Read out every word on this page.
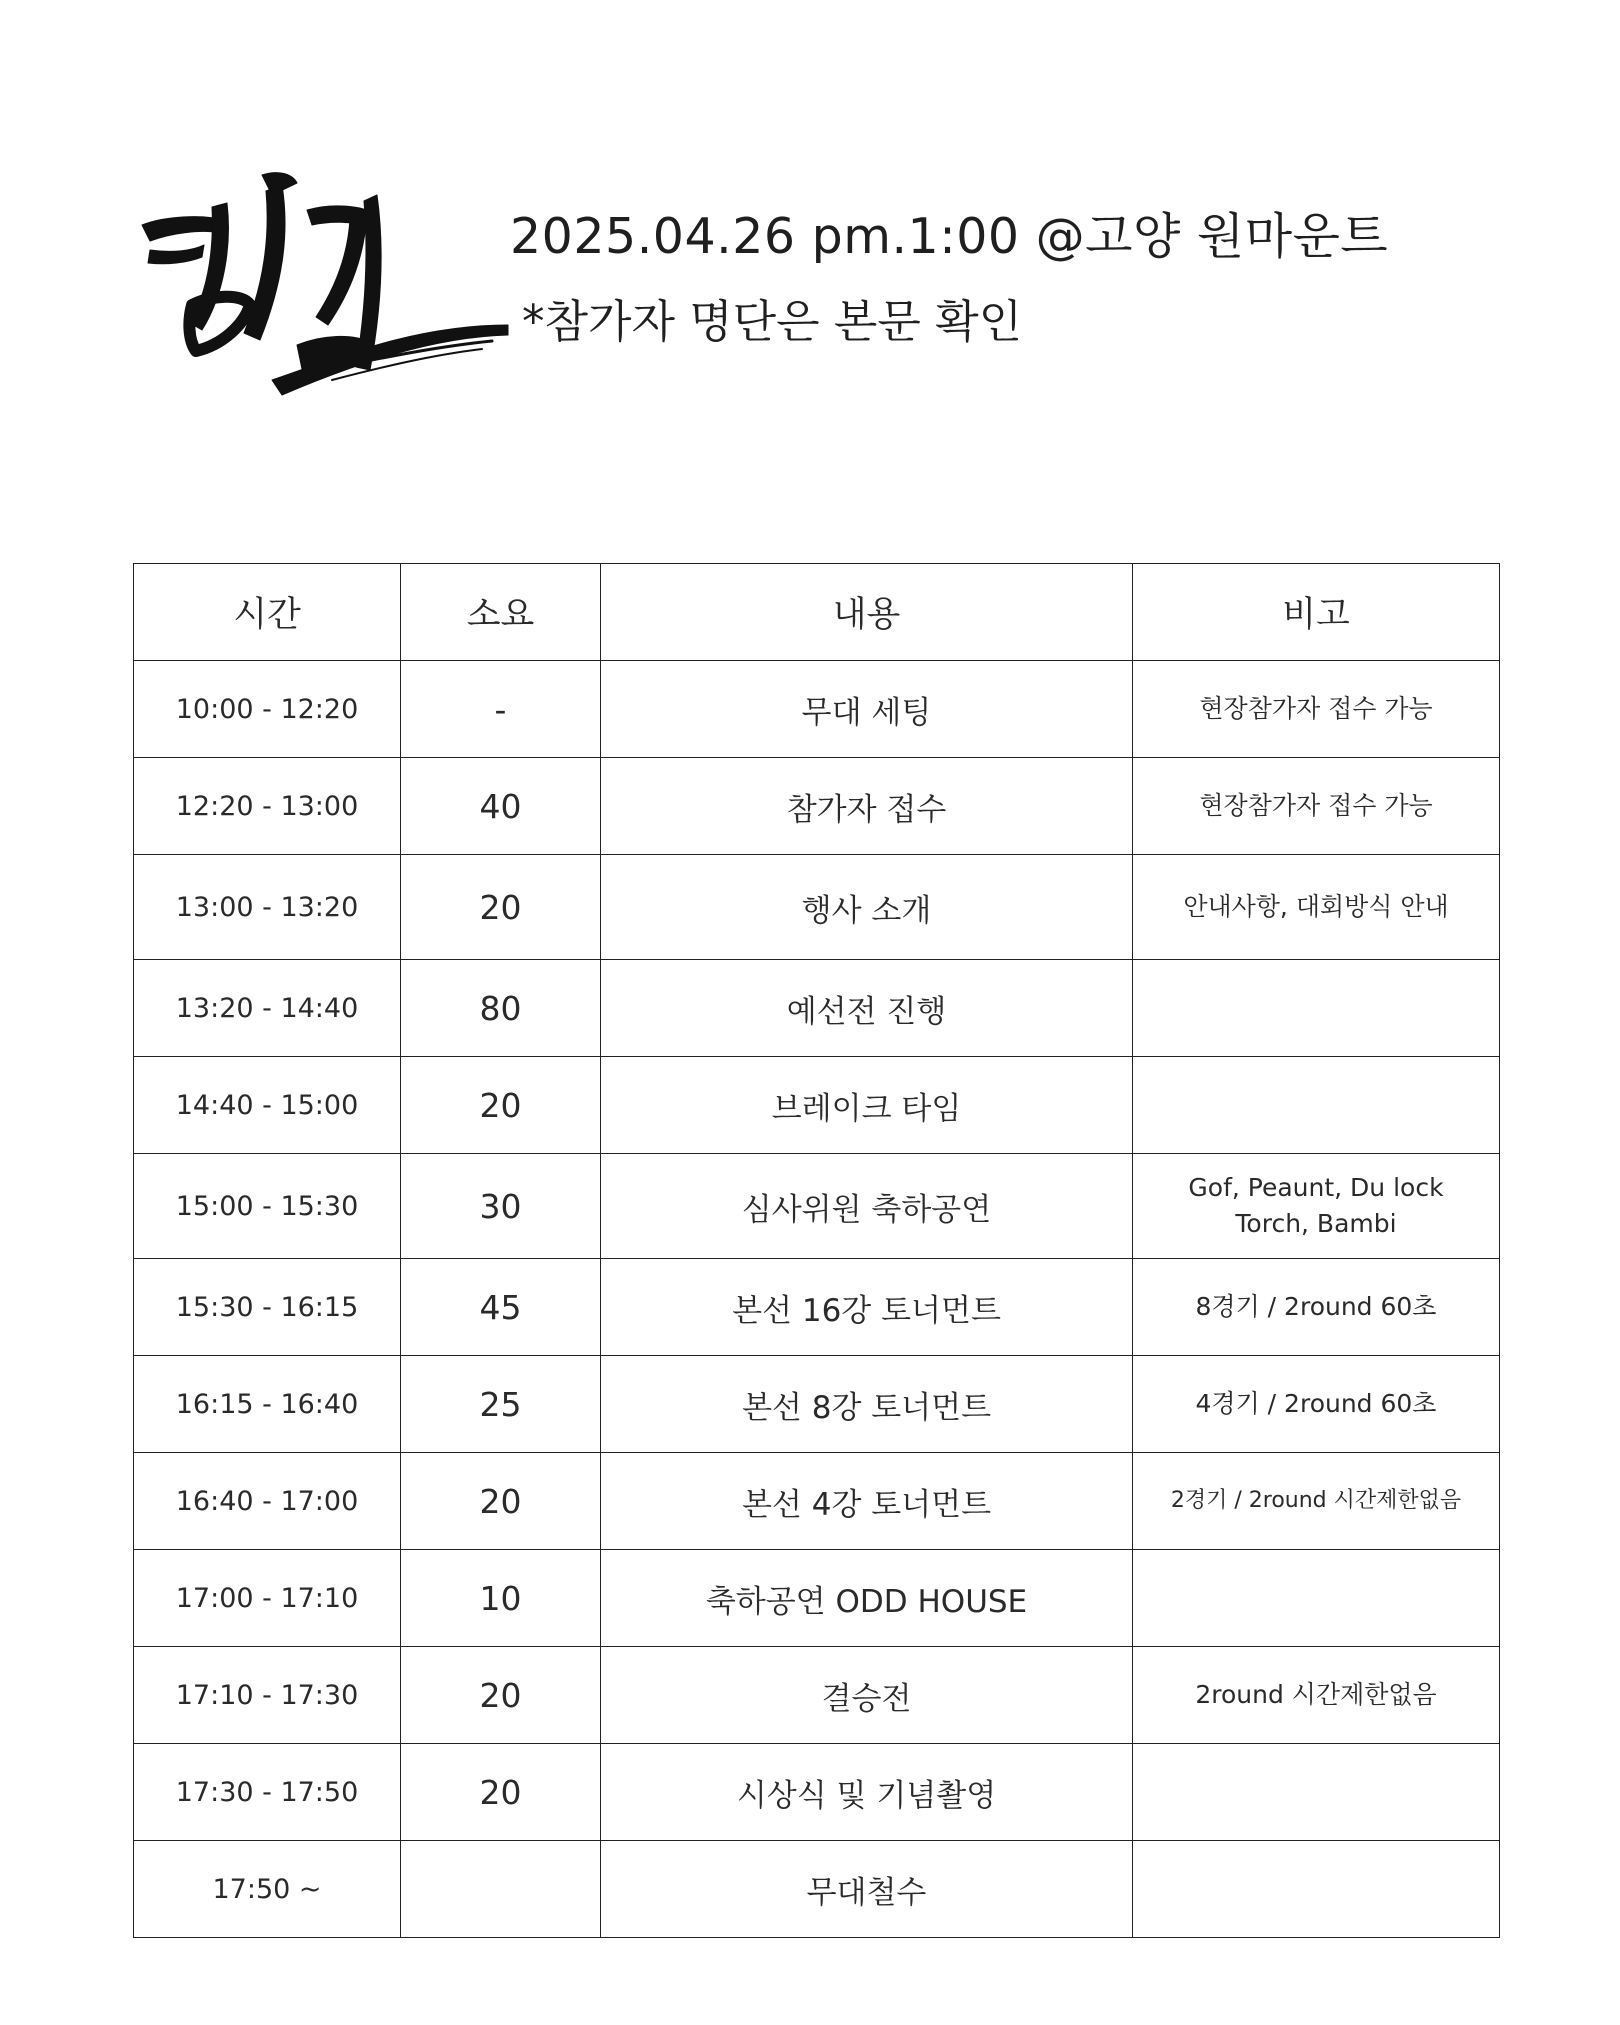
2025.04.26 pm.1:00 @고양 원마운트
*참가자 명단은 본문 확인
시간	소요	내용	비고
10:00 - 12:20	-	무대 세팅	현장참가자 접수 가능
12:20 - 13:00	40	참가자 접수	현장참가자 접수 가능
13:00 - 13:20	20	행사 소개	안내사항, 대회방식 안내
13:20 - 14:40	80	예선전 진행	
14:40 - 15:00	20	브레이크 타임	
15:00 - 15:30	30	심사위원 축하공연	Gof, Peaunt, Du lock
Torch, Bambi

15:30 - 16:15	45	본선 16강 토너먼트	8경기 / 2round 60초
16:15 - 16:40	25	본선 8강 토너먼트	4경기 / 2round 60초
16:40 - 17:00	20	본선 4강 토너먼트	2경기 / 2round 시간제한없음
17:00 - 17:10	10	축하공연 ODD HOUSE	
17:10 - 17:30	20	결승전	2round 시간제한없음
17:30 - 17:50	20	시상식 및 기념촬영	
17:50 ~		무대철수	
